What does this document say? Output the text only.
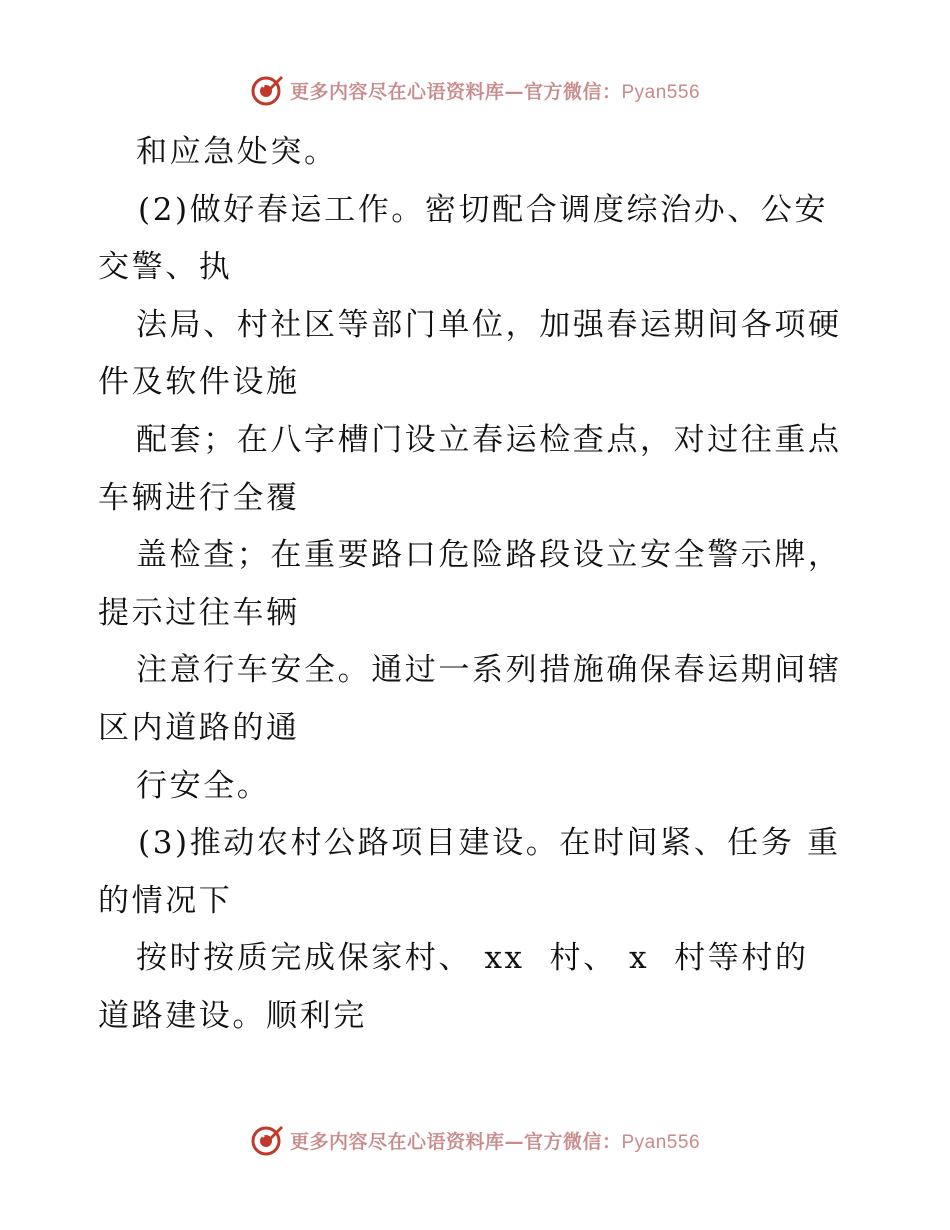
更多内容尽在心语资料库—官方微信：Pyan556
和应急处突。
(2)做好春运工作。密切配合调度综治办、公安
交警、执
法局、村社区等部门单位，加强春运期间各项硬
件及软件设施
配套；在八字槽门设立春运检查点，对过往重点
车辆进行全覆
盖检查；在重要路口危险路段设立安全警示牌，
提示过往车辆
注意行车安全。通过一系列措施确保春运期间辖
区内道路的通
行安全。
(3)推动农村公路项目建设。在时间紧、任务 重
的情况下
按时按质完成保家村、 xx  村、 x  村等村的
道路建设。顺利完
更多内容尽在心语资料库—官方微信：Pyan556
